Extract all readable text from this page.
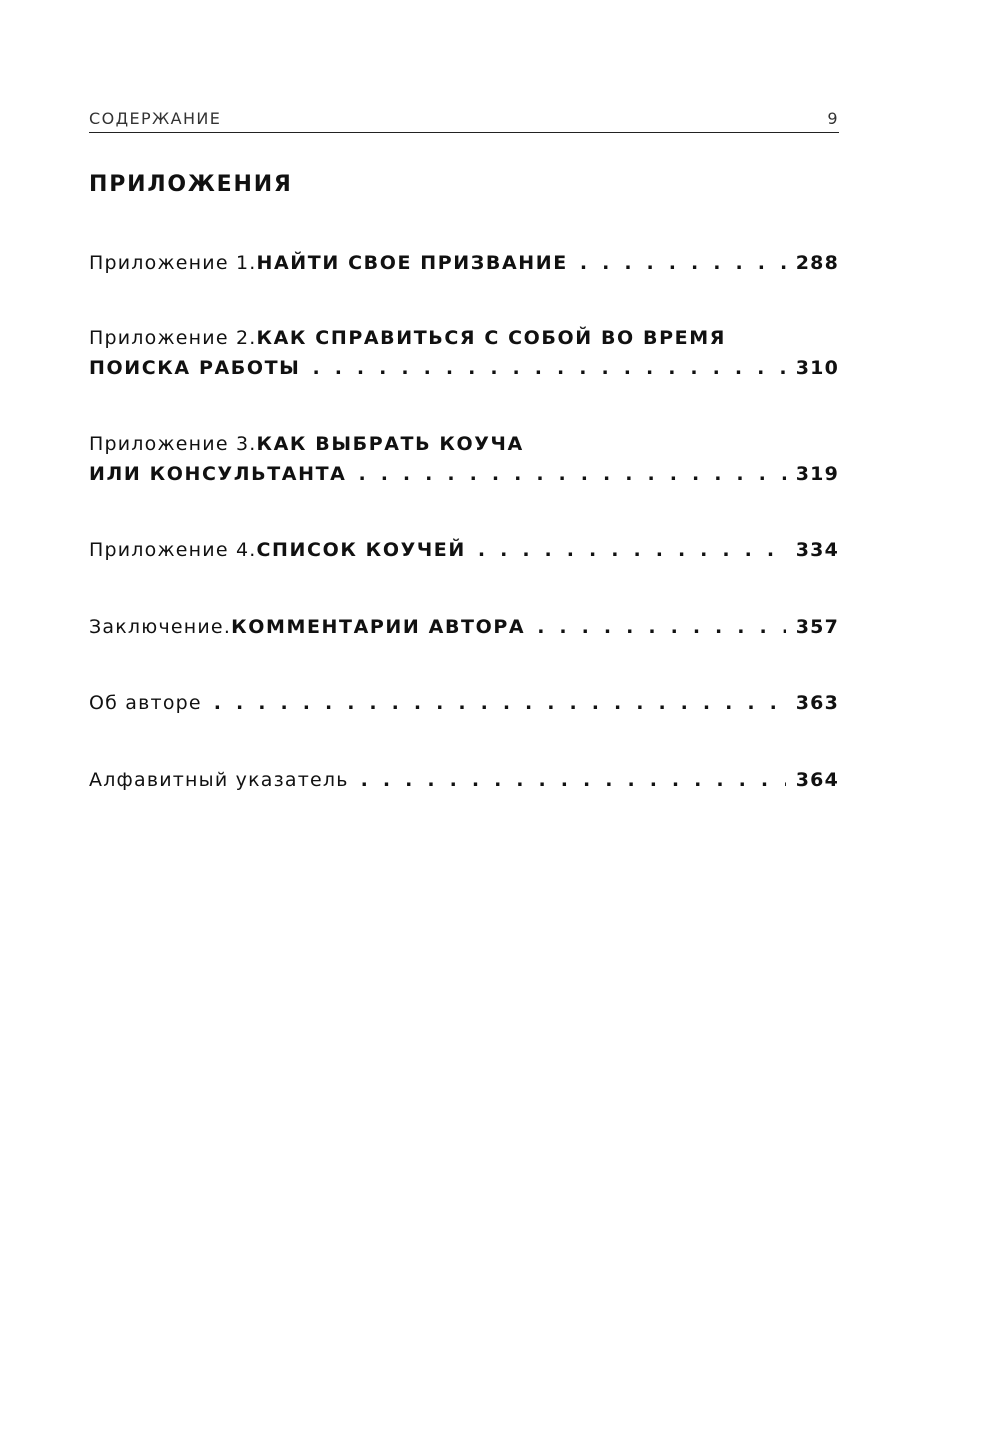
СОДЕРЖАНИЕ	9
ПРИЛОЖЕНИЯ
Приложение 1. НАЙТИ СВОЕ ПРИЗВАНИЕ . . .	288
Приложение 2. КАК СПРАВИТЬСЯ С СОБОЙ ВО ВРЕМЯ
ПОИСКА РАБОТЫ . . .	310
Приложение 3. КАК ВЫБРАТЬ КОУЧА
ИЛИ КОНСУЛЬТАНТА . . .	319
Приложение 4. СПИСОК КОУЧЕЙ . . .	334
Заключение. КОММЕНТАРИИ АВТОРА . . .	357
Об авторе . . .	363
Алфавитный указатель . . .	364
